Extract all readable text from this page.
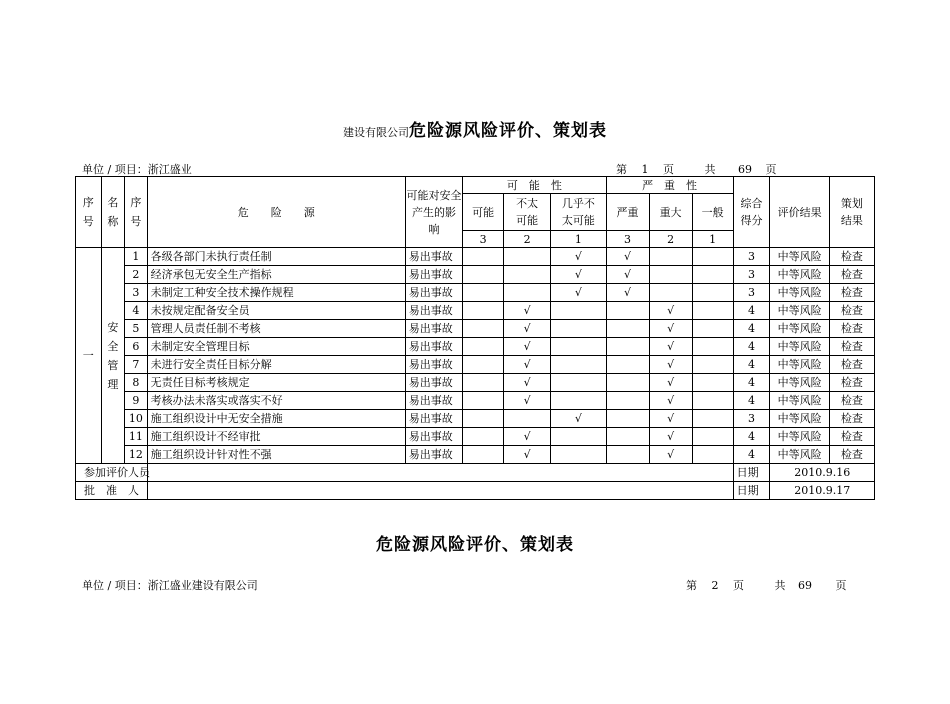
建设有限公司危险源风险评价、策划表
单位 / 项目：浙江盛业	第 1 页	共 69 页
序号	名称	序号	危　　险　　源	可能对安全产生的影　响	可　能　性			严　重　性			综合得分	评价结果	策划结果
					可能	不太可能	几乎不太可能	严重	重大	一般			
					3	2	1	3	2	1			
一	安全管理	1	各级各部门未执行责任制	易出事故			√	√			3	中等风险	检查
		2	经济承包无安全生产指标	易出事故			√	√			3	中等风险	检查
		3	未制定工种安全技术操作规程	易出事故			√	√			3	中等风险	检查
		4	未按规定配备安全员	易出事故		√			√		4	中等风险	检查
		5	管理人员责任制不考核	易出事故		√			√		4	中等风险	检查
		6	未制定安全管理目标	易出事故		√			√		4	中等风险	检查
		7	未进行安全责任目标分解	易出事故		√			√		4	中等风险	检查
		8	无责任目标考核规定	易出事故		√			√		4	中等风险	检查
		9	考核办法未落实或落实不好	易出事故		√			√		4	中等风险	检查
		10	施工组织设计中无安全措施	易出事故			√		√		3	中等风险	检查
		11	施工组织设计不经审批	易出事故		√			√		4	中等风险	检查
		12	施工组织设计针对性不强	易出事故		√			√		4	中等风险	检查
参加评价人员											日期	2010.9.16	
批　准　人											日期	2010.9.17	
危险源风险评价、策划表
单位 / 项目：浙江盛业建设有限公司	第 2 页	共 69 页
